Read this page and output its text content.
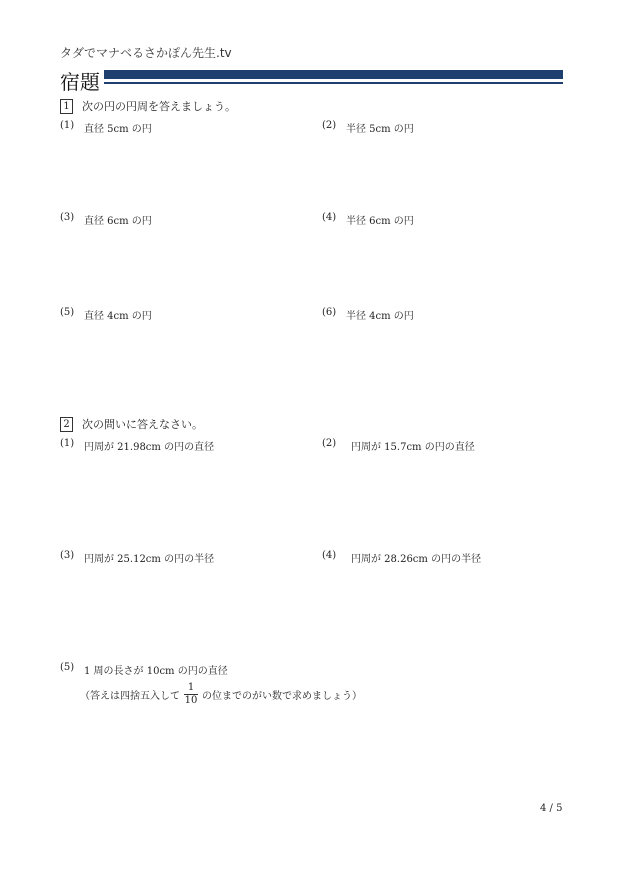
タダでマナベるさかぽん先生.tv
宿題
1	次の円の円周を答えましょう。
(1) 直径 5cm の円	(2) 半径 5cm の円
(3) 直径 6cm の円	(4) 半径 6cm の円
(5) 直径 4cm の円	(6) 半径 4cm の円
2	次の問いに答えなさい。
(1) 円周が 21.98cm の円の直径	(2)	円周が 15.7cm の円の直径
(3) 円周が 25.12cm の円の半径	(4)	円周が 28.26cm の円の半径
(5) 1 周の長さが 10cm の円の直径
（答えは四捨五入して $\frac{1}{10}$ の位までのがい数で求めましょう）
4 / 5
